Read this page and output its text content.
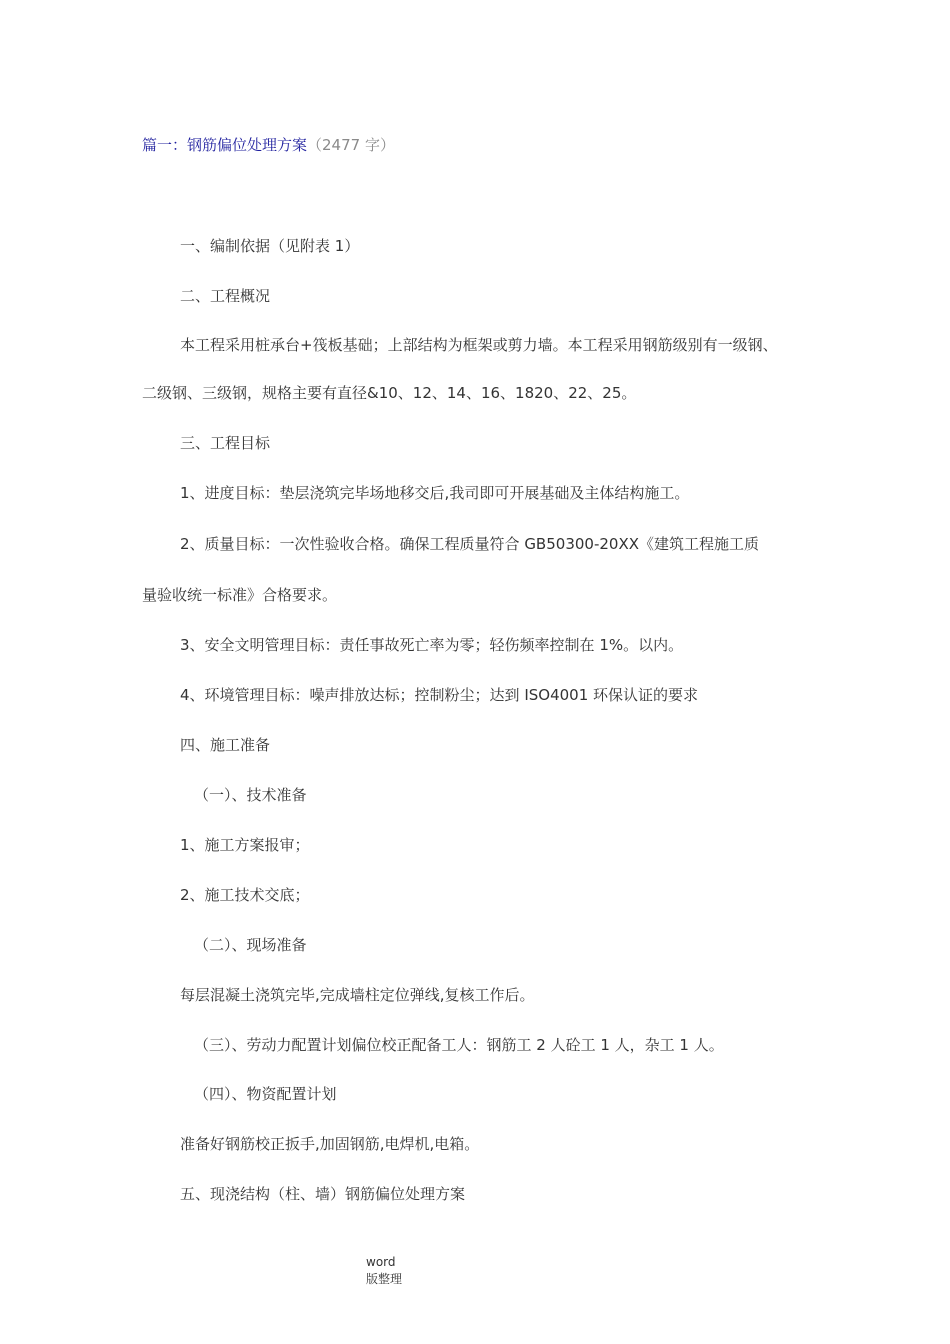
篇一：钢筋偏位处理方案（2477 字）
一、编制依据（见附表 1）
二、工程概况
本工程采用桩承台+筏板基础；上部结构为框架或剪力墙。本工程采用钢筋级别有一级钢、
二级钢、三级钢，规格主要有直径&10、12、14、16、1820、22、25。
三、工程目标
1、进度目标：垫层浇筑完毕场地移交后,我司即可开展基础及主体结构施工。
2、质量目标：一次性验收合格。确保工程质量符合 GB50300-20XX《建筑工程施工质
量验收统一标准》合格要求。
3、安全文明管理目标：责任事故死亡率为零；轻伤频率控制在 1%。以内。
4、环境管理目标：噪声排放达标；控制粉尘；达到 ISO4001 环保认证的要求
四、施工准备
（一）、技术准备
1、施工方案报审；
2、施工技术交底；
（二）、现场准备
每层混凝土浇筑完毕,完成墙柱定位弹线,复核工作后。
（三）、劳动力配置计划偏位校正配备工人：钢筋工 2 人砼工 1 人，杂工 1 人。
（四）、物资配置计划
准备好钢筋校正扳手,加固钢筋,电焊机,电箱。
五、现浇结构（柱、墙）钢筋偏位处理方案
word
版整理
